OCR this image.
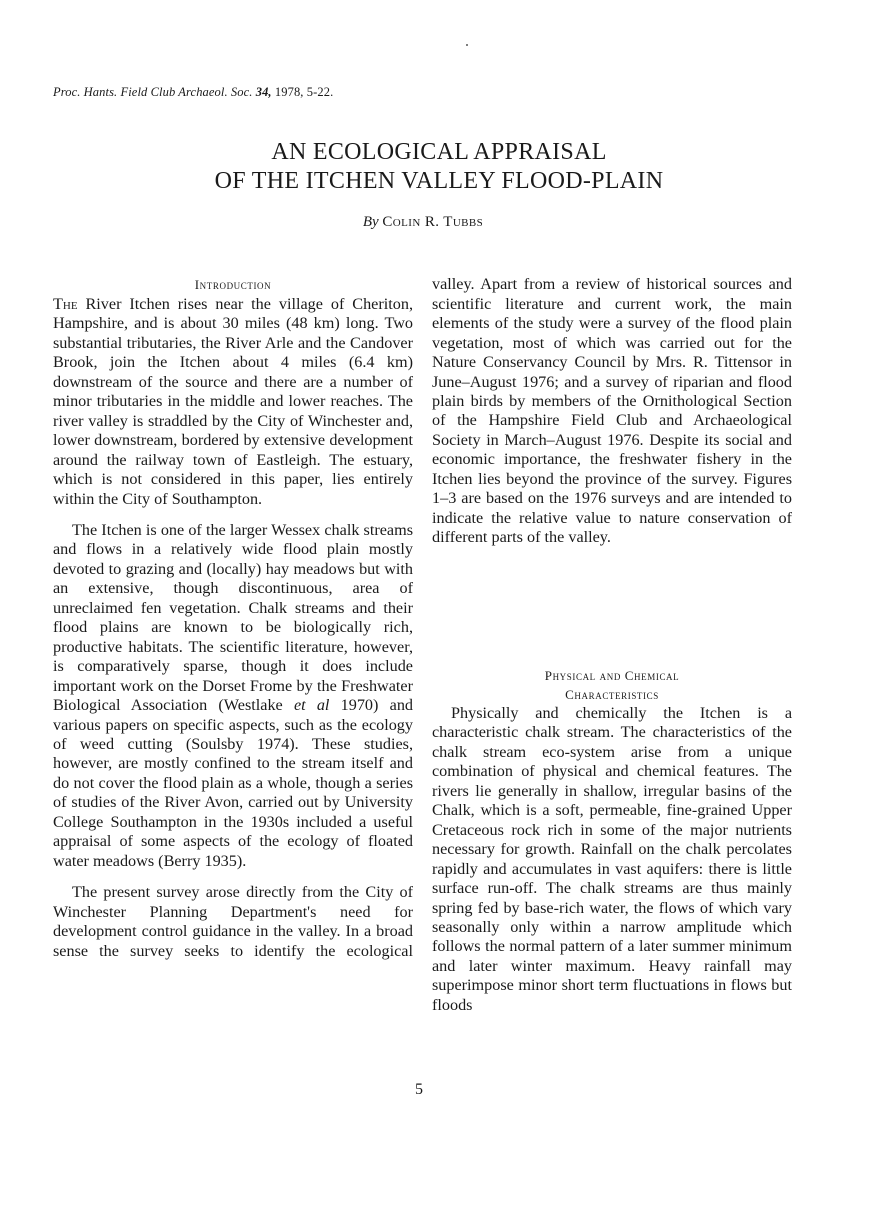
Proc. Hants. Field Club Archaeol. Soc. 34, 1978, 5-22.
AN ECOLOGICAL APPRAISAL
OF THE ITCHEN VALLEY FLOOD-PLAIN
By Colin R. Tubbs

Introduction

The River Itchen rises near the village of Cheriton, Hampshire, and is about 30 miles (48 km) long. Two substantial tributaries, the River Arle and the Candover Brook, join the Itchen about 4 miles (6.4 km) downstream of the source and there are a number of minor tributaries in the middle and lower reaches. The river valley is straddled by the City of Winchester and, lower downstream, bordered by extensive development around the railway town of Eastleigh. The estuary, which is not considered in this paper, lies entirely within the City of Southampton.

The Itchen is one of the larger Wessex chalk streams and flows in a relatively wide flood plain mostly devoted to grazing and (locally) hay meadows but with an extensive, though discontinuous, area of unreclaimed fen vegetation. Chalk streams and their flood plains are known to be biologically rich, productive habitats. The scientific literature, however, is comparatively sparse, though it does include important work on the Dorset Frome by the Freshwater Biological Association (Westlake et al 1970) and various papers on specific aspects, such as the ecology of weed cutting (Soulsby 1974). These studies, however, are mostly confined to the stream itself and do not cover the flood plain as a whole, though a series of studies of the River Avon, carried out by University College Southampton in the 1930s included a useful appraisal of some aspects of the ecology of floated water meadows (Berry 1935).

The present survey arose directly from the City of Winchester Planning Department's need for development control guidance in the valley. In a broad sense the survey seeks to identify the ecological

valley. Apart from a review of historical sources and scientific literature and current work, the main elements of the study were a survey of the flood plain vegetation, most of which was carried out for the Nature Conservancy Council by Mrs. R. Tittensor in June–August 1976; and a survey of riparian and flood plain birds by members of the Ornithological Section of the Hampshire Field Club and Archaeological Society in March–August 1976. Despite its social and economic importance, the freshwater fishery in the Itchen lies beyond the province of the survey. Figures 1–3 are based on the 1976 surveys and are intended to indicate the relative value to nature conservation of different parts of the valley.

Physical and Chemical

Characteristics

Physically and chemically the Itchen is a characteristic chalk stream. The characteristics of the chalk stream eco-system arise from a unique combination of physical and chemical features. The rivers lie generally in shallow, irregular basins of the Chalk, which is a soft, permeable, fine-grained Upper Cretaceous rock rich in some of the major nutrients necessary for growth. Rainfall on the chalk percolates rapidly and accumulates in vast aquifers: there is little surface run-off. The chalk streams are thus mainly spring fed by base-rich water, the flows of which vary seasonally only within a narrow amplitude which follows the normal pattern of a later summer minimum and later winter maximum. Heavy rainfall may superimpose minor short term fluctuations in flows but floods

5
